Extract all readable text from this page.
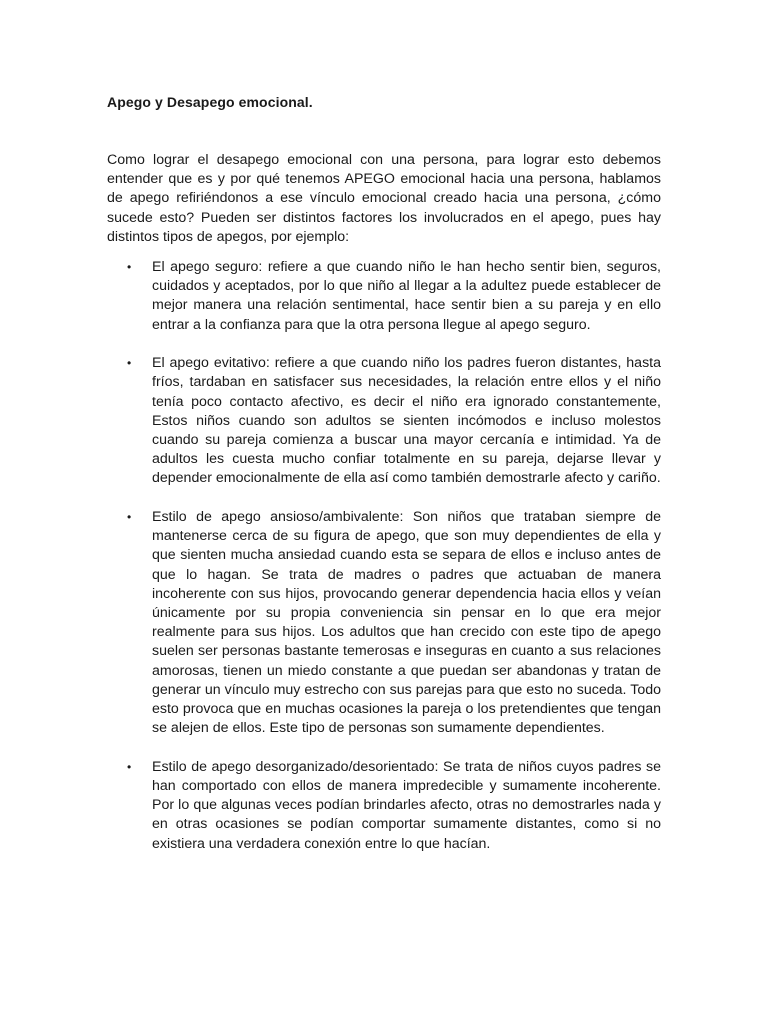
Apego y Desapego emocional.

Como lograr el desapego emocional con una persona, para lograr esto debemos entender que es y por qué tenemos APEGO emocional hacia una persona, hablamos de apego refiriéndonos a ese vínculo emocional creado hacia una persona, ¿cómo sucede esto? Pueden ser distintos factores los involucrados en el apego, pues hay distintos tipos de apegos, por ejemplo:

• El apego seguro: refiere a que cuando niño le han hecho sentir bien, seguros, cuidados y aceptados, por lo que niño al llegar a la adultez puede establecer de mejor manera una relación sentimental, hace sentir bien a su pareja y en ello entrar a la confianza para que la otra persona llegue al apego seguro.
• El apego evitativo: refiere a que cuando niño los padres fueron distantes, hasta fríos, tardaban en satisfacer sus necesidades, la relación entre ellos y el niño tenía poco contacto afectivo, es decir el niño era ignorado constantemente, Estos niños cuando son adultos se sienten incómodos e incluso molestos cuando su pareja comienza a buscar una mayor cercanía e intimidad. Ya de adultos les cuesta mucho confiar totalmente en su pareja, dejarse llevar y depender emocionalmente de ella así como también demostrarle afecto y cariño.
• Estilo de apego ansioso/ambivalente: Son niños que trataban siempre de mantenerse cerca de su figura de apego, que son muy dependientes de ella y que sienten mucha ansiedad cuando esta se separa de ellos e incluso antes de que lo hagan. Se trata de madres o padres que actuaban de manera incoherente con sus hijos, provocando generar dependencia hacia ellos y veían únicamente por su propia conveniencia sin pensar en lo que era mejor realmente para sus hijos. Los adultos que han crecido con este tipo de apego suelen ser personas bastante temerosas e inseguras en cuanto a sus relaciones amorosas, tienen un miedo constante a que puedan ser abandonas y tratan de generar un vínculo muy estrecho con sus parejas para que esto no suceda. Todo esto provoca que en muchas ocasiones la pareja o los pretendientes que tengan se alejen de ellos. Este tipo de personas son sumamente dependientes.
• Estilo de apego desorganizado/desorientado: Se trata de niños cuyos padres se han comportado con ellos de manera impredecible y sumamente incoherente. Por lo que algunas veces podían brindarles afecto, otras no demostrarles nada y en otras ocasiones se podían comportar sumamente distantes, como si no existiera una verdadera conexión entre lo que hacían.
